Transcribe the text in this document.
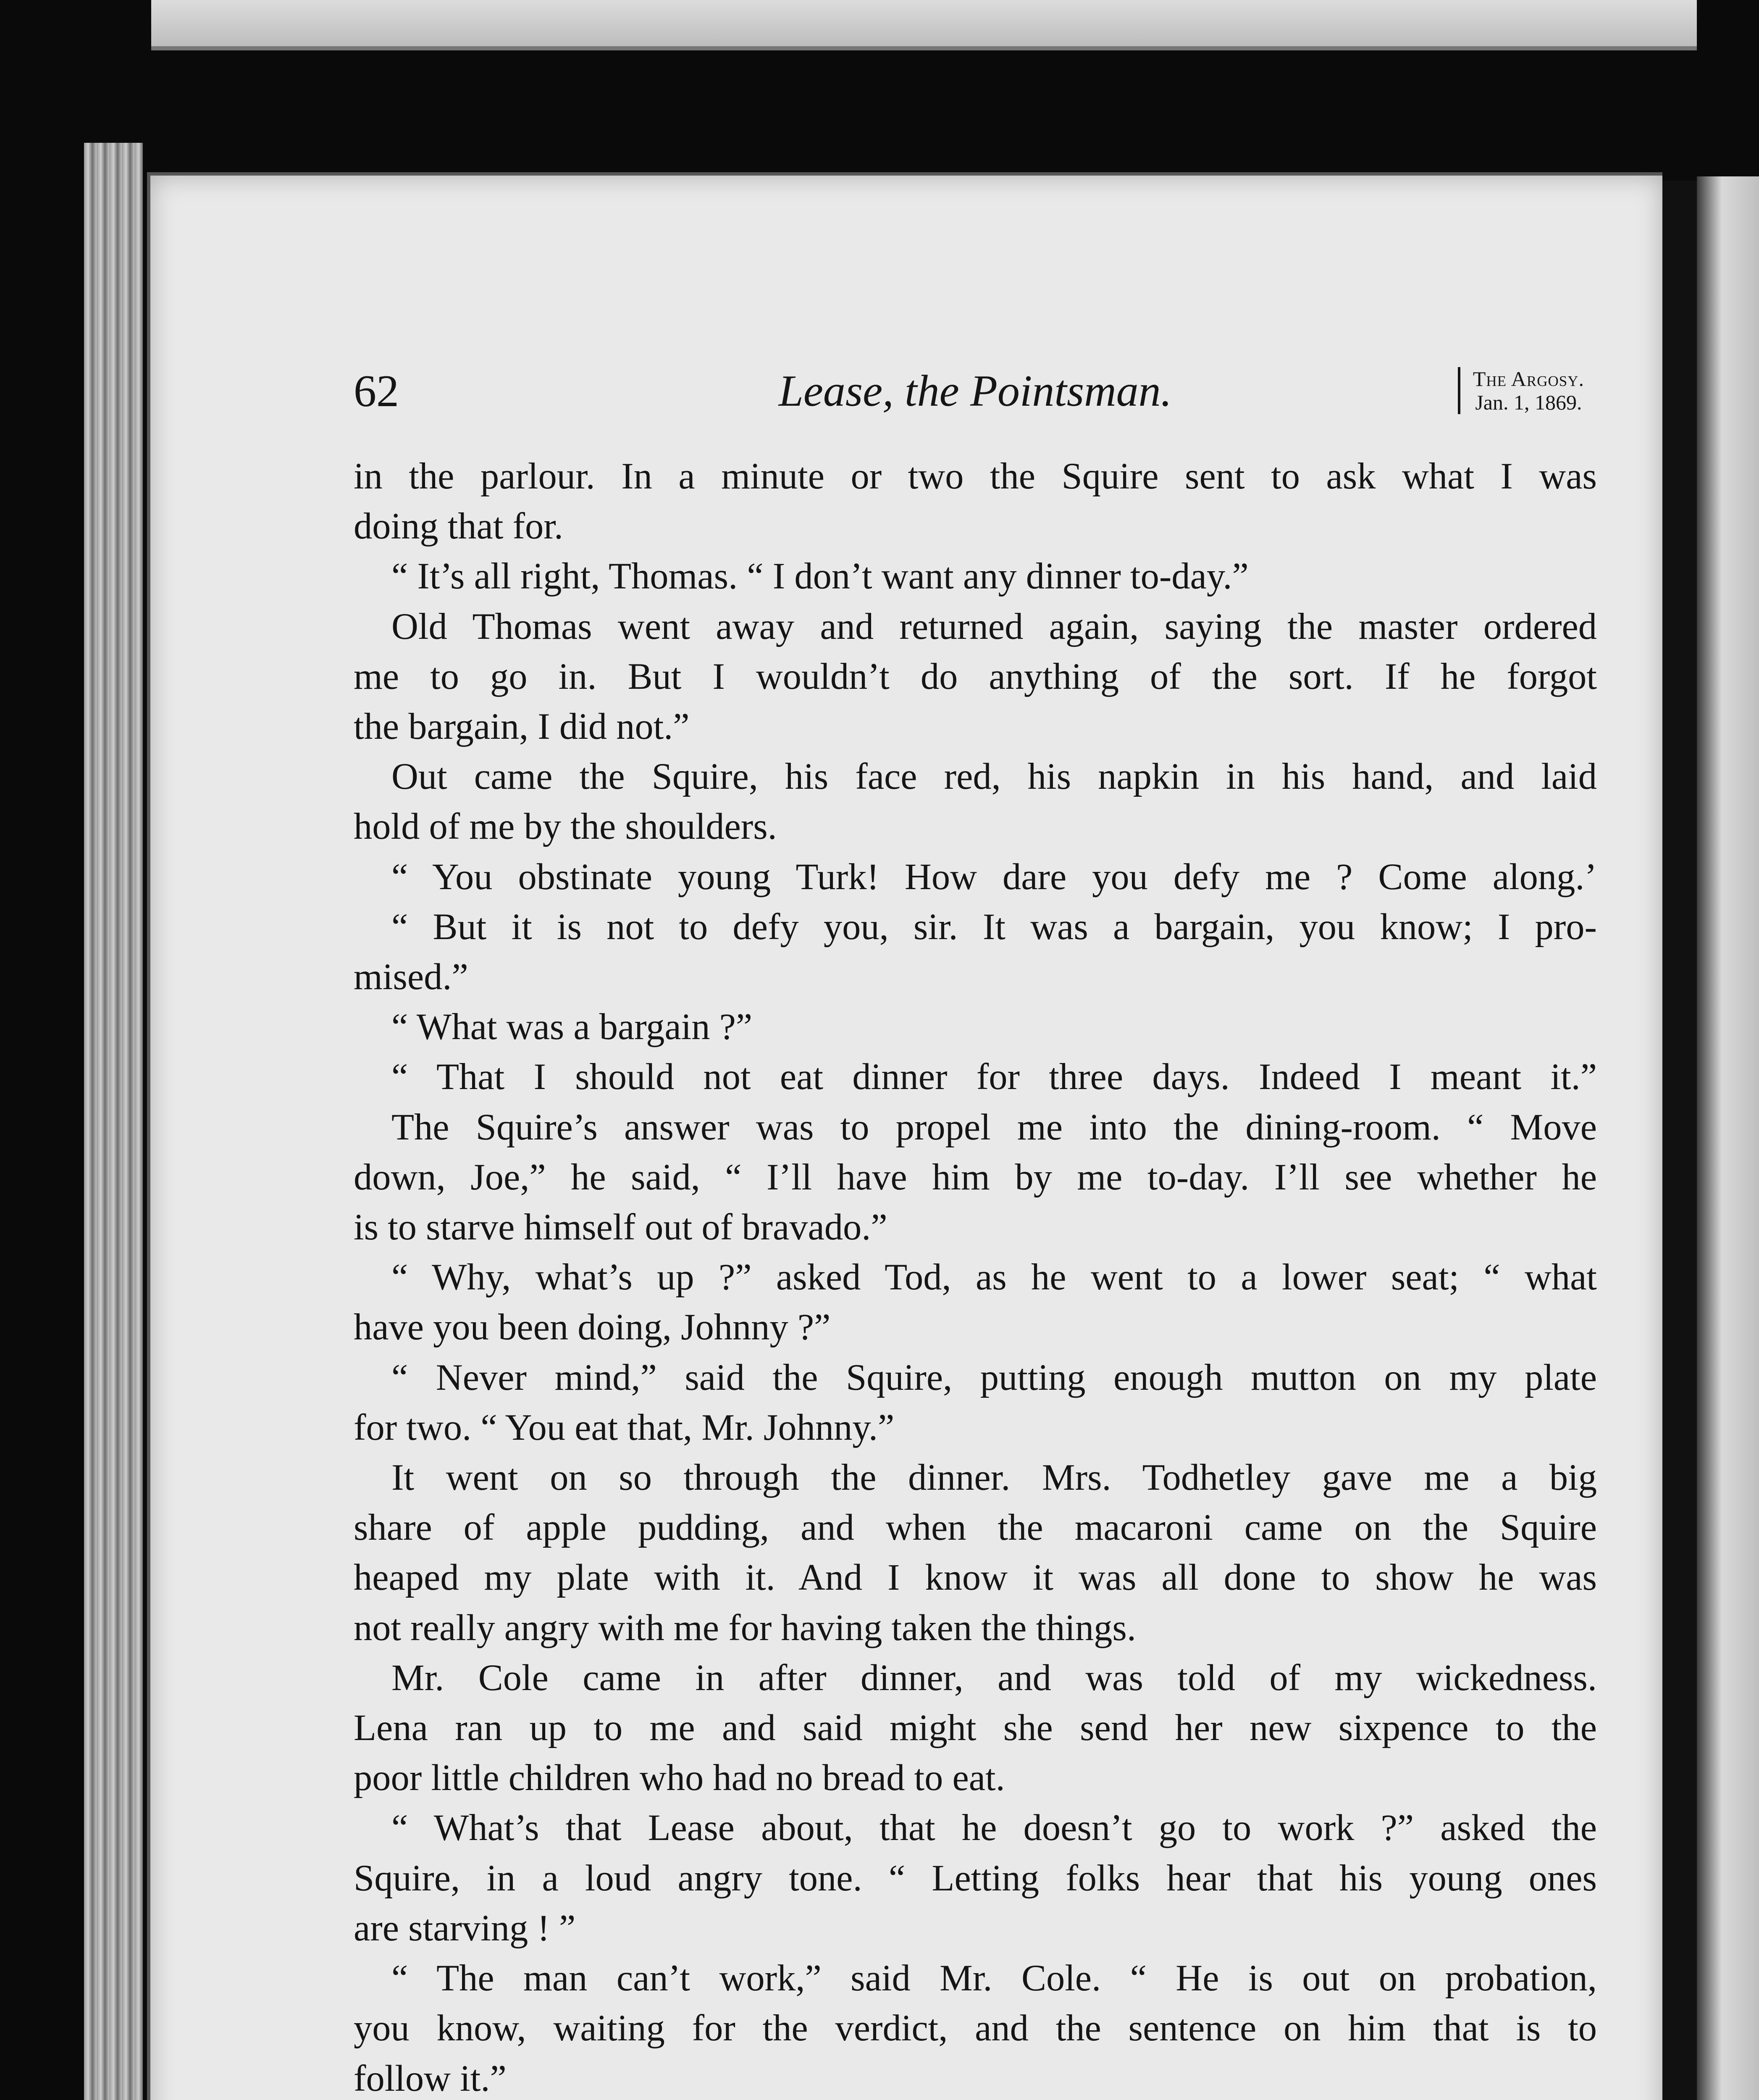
62	Lease, the Pointsman.	The Argosy.
Jan. 1, 1869.

in the parlour. In a minute or two the Squire sent to ask what I was

doing that for.

“ It’s all right, Thomas. “ I don’t want any dinner to-day.”

Old Thomas went away and returned again, saying the master ordered

me to go in. But I wouldn’t do anything of the sort. If he forgot

the bargain, I did not.”

Out came the Squire, his face red, his napkin in his hand, and laid

hold of me by the shoulders.

“ You obstinate young Turk! How dare you defy me ? Come along.’

“ But it is not to defy you, sir. It was a bargain, you know; I pro-

mised.”

“ What was a bargain ?”

“ That I should not eat dinner for three days. Indeed I meant it.”

The Squire’s answer was to propel me into the dining-room. “ Move

down, Joe,” he said, “ I’ll have him by me to-day. I’ll see whether he

is to starve himself out of bravado.”

“ Why, what’s up ?” asked Tod, as he went to a lower seat; “ what

have you been doing, Johnny ?”

“ Never mind,” said the Squire, putting enough mutton on my plate

for two. “ You eat that, Mr. Johnny.”

It went on so through the dinner. Mrs. Todhetley gave me a big

share of apple pudding, and when the macaroni came on the Squire

heaped my plate with it. And I know it was all done to show he was

not really angry with me for having taken the things.

Mr. Cole came in after dinner, and was told of my wickedness.

Lena ran up to me and said might she send her new sixpence to the

poor little children who had no bread to eat.

“ What’s that Lease about, that he doesn’t go to work ?” asked the

Squire, in a loud angry tone. “ Letting folks hear that his young ones

are starving ! ”

“ The man can’t work,” said Mr. Cole. “ He is out on probation,

you know, waiting for the verdict, and the sentence on him that is to

follow it.”
